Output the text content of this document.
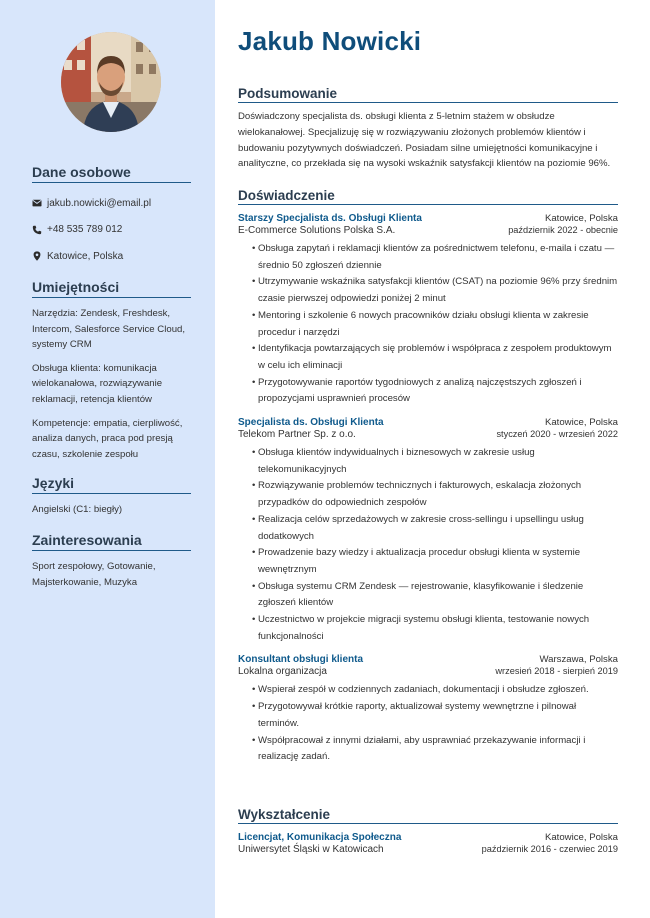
Dane osobowe
jakub.nowicki@email.pl
+48 535 789 012
Katowice, Polska
Umiejętności

Narzędzia: Zendesk, Freshdesk, Intercom, Salesforce Service Cloud, systemy CRM

Obsługa klienta: komunikacja wielokanałowa, rozwiązywanie reklamacji, retencja klientów

Kompetencje: empatia, cierpliwość, analiza danych, praca pod presją czasu, szkolenie zespołu

Języki

Angielski (C1: biegły)

Zainteresowania

Sport zespołowy, Gotowanie, Majsterkowanie, Muzyka

Jakub Nowicki
Podsumowanie

Doświadczony specjalista ds. obsługi klienta z 5-letnim stażem w obsłudze wielokanałowej. Specjalizuję się w rozwiązywaniu złożonych problemów klientów i budowaniu pozytywnych doświadczeń. Posiadam silne umiejętności komunikacyjne i analityczne, co przekłada się na wysoki wskaźnik satysfakcji klientów na poziomie 96%.

Doświadczenie
Starszy Specjalista ds. Obsługi Klienta	Katowice, Polska
E-Commerce Solutions Polska S.A.	październik 2022 - obecnie
• Obsługa zapytań i reklamacji klientów za pośrednictwem telefonu, e-maila i czatu — średnio 50 zgłoszeń dziennie
• Utrzymywanie wskaźnika satysfakcji klientów (CSAT) na poziomie 96% przy średnim czasie pierwszej odpowiedzi poniżej 2 minut
• Mentoring i szkolenie 6 nowych pracowników działu obsługi klienta w zakresie procedur i narzędzi
• Identyfikacja powtarzających się problemów i współpraca z zespołem produktowym w celu ich eliminacji
• Przygotowywanie raportów tygodniowych z analizą najczęstszych zgłoszeń i propozycjami usprawnień procesów
Specjalista ds. Obsługi Klienta	Katowice, Polska
Telekom Partner Sp. z o.o.	styczeń 2020 - wrzesień 2022
• Obsługa klientów indywidualnych i biznesowych w zakresie usług telekomunikacyjnych
• Rozwiązywanie problemów technicznych i fakturowych, eskalacja złożonych przypadków do odpowiednich zespołów
• Realizacja celów sprzedażowych w zakresie cross-sellingu i upsellingu usług dodatkowych
• Prowadzenie bazy wiedzy i aktualizacja procedur obsługi klienta w systemie wewnętrznym
• Obsługa systemu CRM Zendesk — rejestrowanie, klasyfikowanie i śledzenie zgłoszeń klientów
• Uczestnictwo w projekcie migracji systemu obsługi klienta, testowanie nowych funkcjonalności
Konsultant obsługi klienta	Warszawa, Polska
Lokalna organizacja	wrzesień 2018 - sierpień 2019
• Wspierał zespół w codziennych zadaniach, dokumentacji i obsłudze zgłoszeń.
• Przygotowywał krótkie raporty, aktualizował systemy wewnętrzne i pilnował terminów.
• Współpracował z innymi działami, aby usprawniać przekazywanie informacji i realizację zadań.
Wykształcenie
Licencjat, Komunikacja Społeczna	Katowice, Polska
Uniwersytet Śląski w Katowicach	październik 2016 - czerwiec 2019
